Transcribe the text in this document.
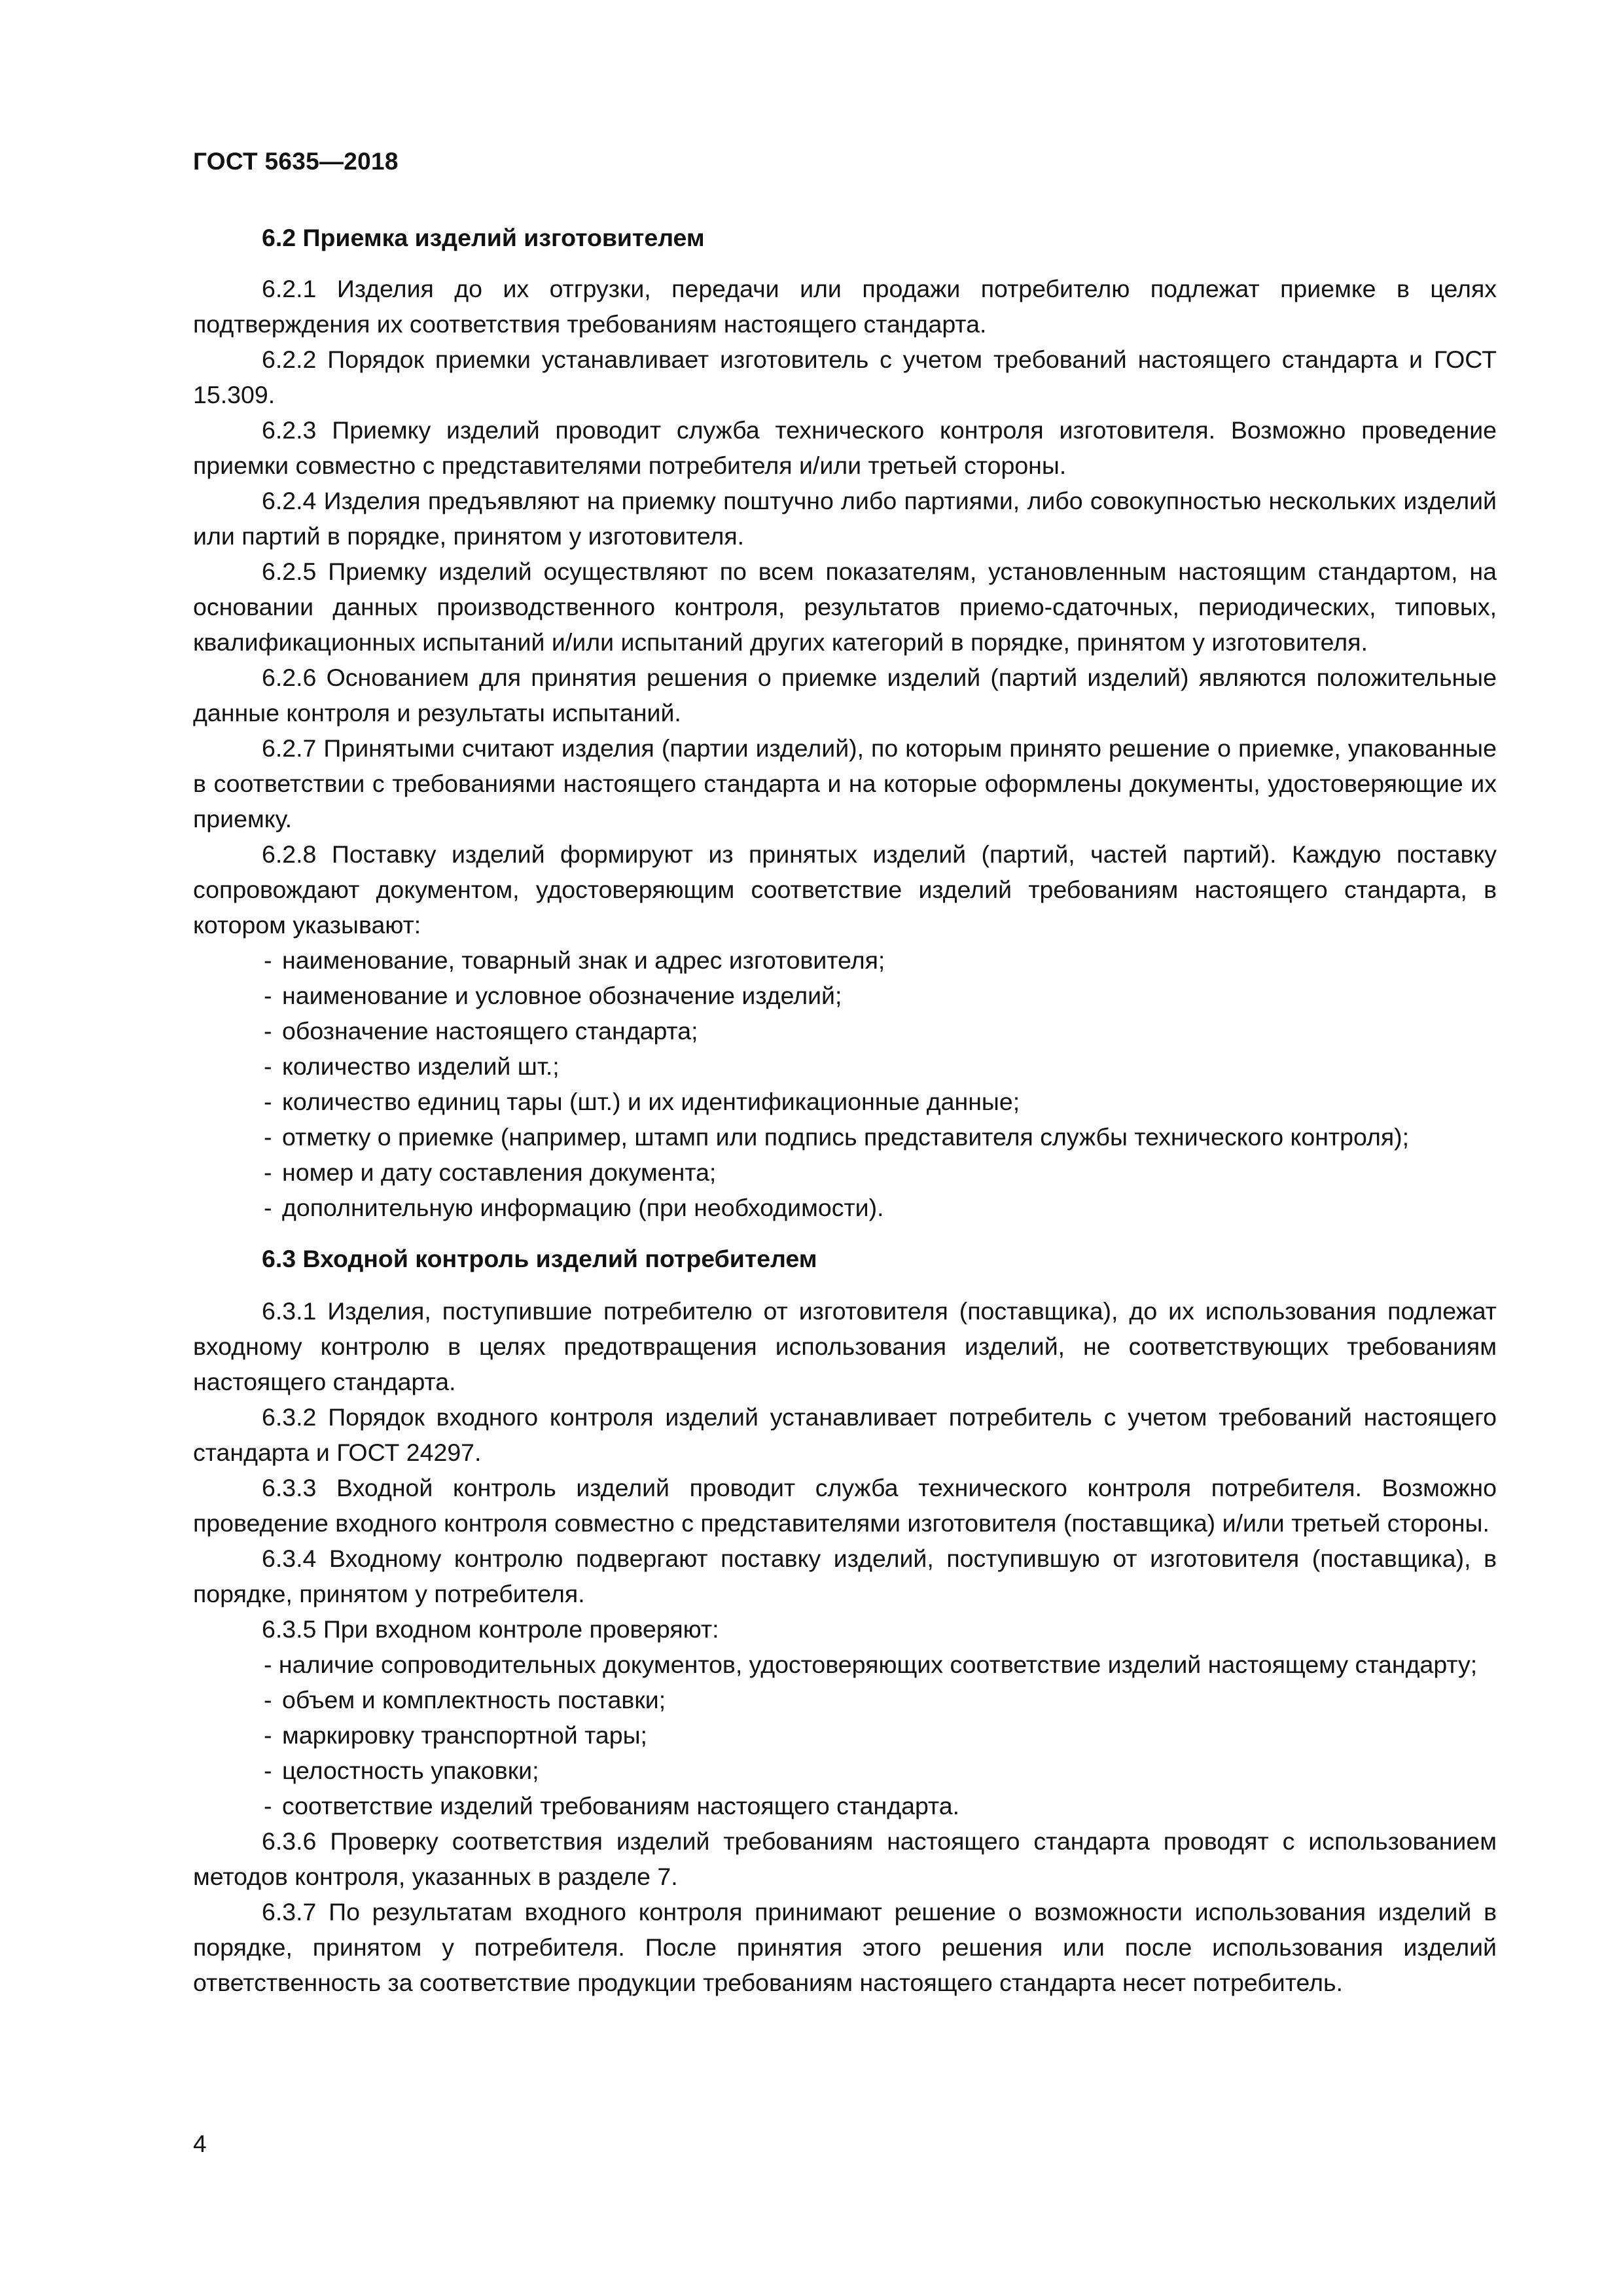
ГОСТ 5635—2018
6.2 Приемка изделий изготовителем

6.2.1 Изделия до их отгрузки, передачи или продажи потребителю подлежат приемке в целях подтверждения их соответствия требованиям настоящего стандарта.

6.2.2 Порядок приемки устанавливает изготовитель с учетом требований настоящего стандарта и ГОСТ 15.309.

6.2.3 Приемку изделий проводит служба технического контроля изготовителя. Возможно проведение приемки совместно с представителями потребителя и/или третьей стороны.

6.2.4 Изделия предъявляют на приемку поштучно либо партиями, либо совокупностью нескольких изделий или партий в порядке, принятом у изготовителя.

6.2.5 Приемку изделий осуществляют по всем показателям, установленным настоящим стандартом, на основании данных производственного контроля, результатов приемо-сдаточных, периодических, типовых, квалификационных испытаний и/или испытаний других категорий в порядке, принятом у изготовителя.

6.2.6 Основанием для принятия решения о приемке изделий (партий изделий) являются положительные данные контроля и результаты испытаний.

6.2.7 Принятыми считают изделия (партии изделий), по которым принято решение о приемке, упакованные в соответствии с требованиями настоящего стандарта и на которые оформлены документы, удостоверяющие их приемку.

6.2.8 Поставку изделий формируют из принятых изделий (партий, частей партий). Каждую поставку сопровождают документом, удостоверяющим соответствие изделий требованиям настоящего стандарта, в котором указывают:

- наименование, товарный знак и адрес изготовителя;
- наименование и условное обозначение изделий;
- обозначение настоящего стандарта;
- количество изделий шт.;
- количество единиц тары (шт.) и их идентификационные данные;
- отметку о приемке (например, штамп или подпись представителя службы технического контроля);
- номер и дату составления документа;
- дополнительную информацию (при необходимости).
6.3 Входной контроль изделий потребителем

6.3.1 Изделия, поступившие потребителю от изготовителя (поставщика), до их использования подлежат входному контролю в целях предотвращения использования изделий, не соответствующих требованиям настоящего стандарта.

6.3.2 Порядок входного контроля изделий устанавливает потребитель с учетом требований настоящего стандарта и ГОСТ 24297.

6.3.3 Входной контроль изделий проводит служба технического контроля потребителя. Возможно проведение входного контроля совместно с представителями изготовителя (поставщика) и/или третьей стороны.

6.3.4 Входному контролю подвергают поставку изделий, поступившую от изготовителя (поставщика), в порядке, принятом у потребителя.

6.3.5 При входном контроле проверяют:

- наличие сопроводительных документов, удостоверяющих соответствие изделий настоящему стандарту;
- объем и комплектность поставки;
- маркировку транспортной тары;
- целостность упаковки;
- соответствие изделий требованиям настоящего стандарта.

6.3.6 Проверку соответствия изделий требованиям настоящего стандарта проводят с использованием методов контроля, указанных в разделе 7.

6.3.7 По результатам входного контроля принимают решение о возможности использования изделий в порядке, принятом у потребителя. После принятия этого решения или после использования изделий ответственность за соответствие продукции требованиям настоящего стандарта несет потребитель.

4
